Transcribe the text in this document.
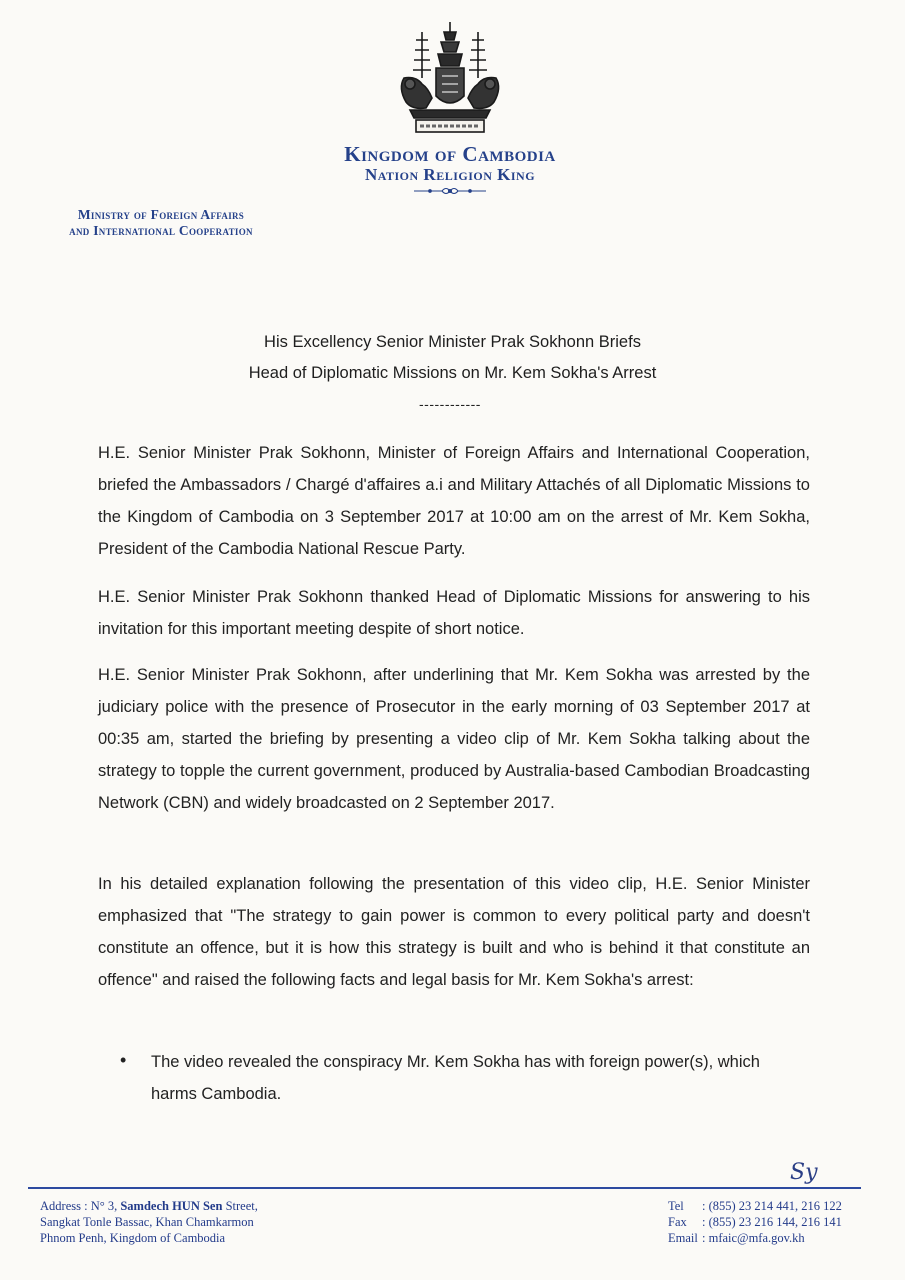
Kingdom of Cambodia
Nation Religion King
Ministry of Foreign Affairs
and International Cooperation
His Excellency Senior Minister Prak Sokhonn Briefs
Head of Diplomatic Missions on Mr. Kem Sokha's Arrest
------------
H.E. Senior Minister Prak Sokhonn, Minister of Foreign Affairs and International Cooperation, briefed the Ambassadors / Chargé d'affaires a.i and Military Attachés of all Diplomatic Missions to the Kingdom of Cambodia on 3 September 2017 at 10:00 am on the arrest of Mr. Kem Sokha, President of the Cambodia National Rescue Party.
H.E. Senior Minister Prak Sokhonn thanked Head of Diplomatic Missions for answering to his invitation for this important meeting despite of short notice.
H.E. Senior Minister Prak Sokhonn, after underlining that Mr. Kem Sokha was arrested by the judiciary police with the presence of Prosecutor in the early morning of 03 September 2017 at 00:35 am, started the briefing by presenting a video clip of Mr. Kem Sokha talking about the strategy to topple the current government, produced by Australia-based Cambodian Broadcasting Network (CBN) and widely broadcasted on 2 September 2017.
In his detailed explanation following the presentation of this video clip, H.E. Senior Minister emphasized that "The strategy to gain power is common to every political party and doesn't constitute an offence, but it is how this strategy is built and who is behind it that constitute an offence" and raised the following facts and legal basis for Mr. Kem Sokha's arrest:
• The video revealed the conspiracy Mr. Kem Sokha has with foreign power(s), which harms Cambodia.
Sy
Address : N° 3, Samdech HUN Sen Street,
Sangkat Tonle Bassac, Khan Chamkarmon
Phnom Penh, Kingdom of Cambodia
Tel : (855) 23 214 441, 216 122
Fax : (855) 23 216 144, 216 141
Email : mfaic@mfa.gov.kh
